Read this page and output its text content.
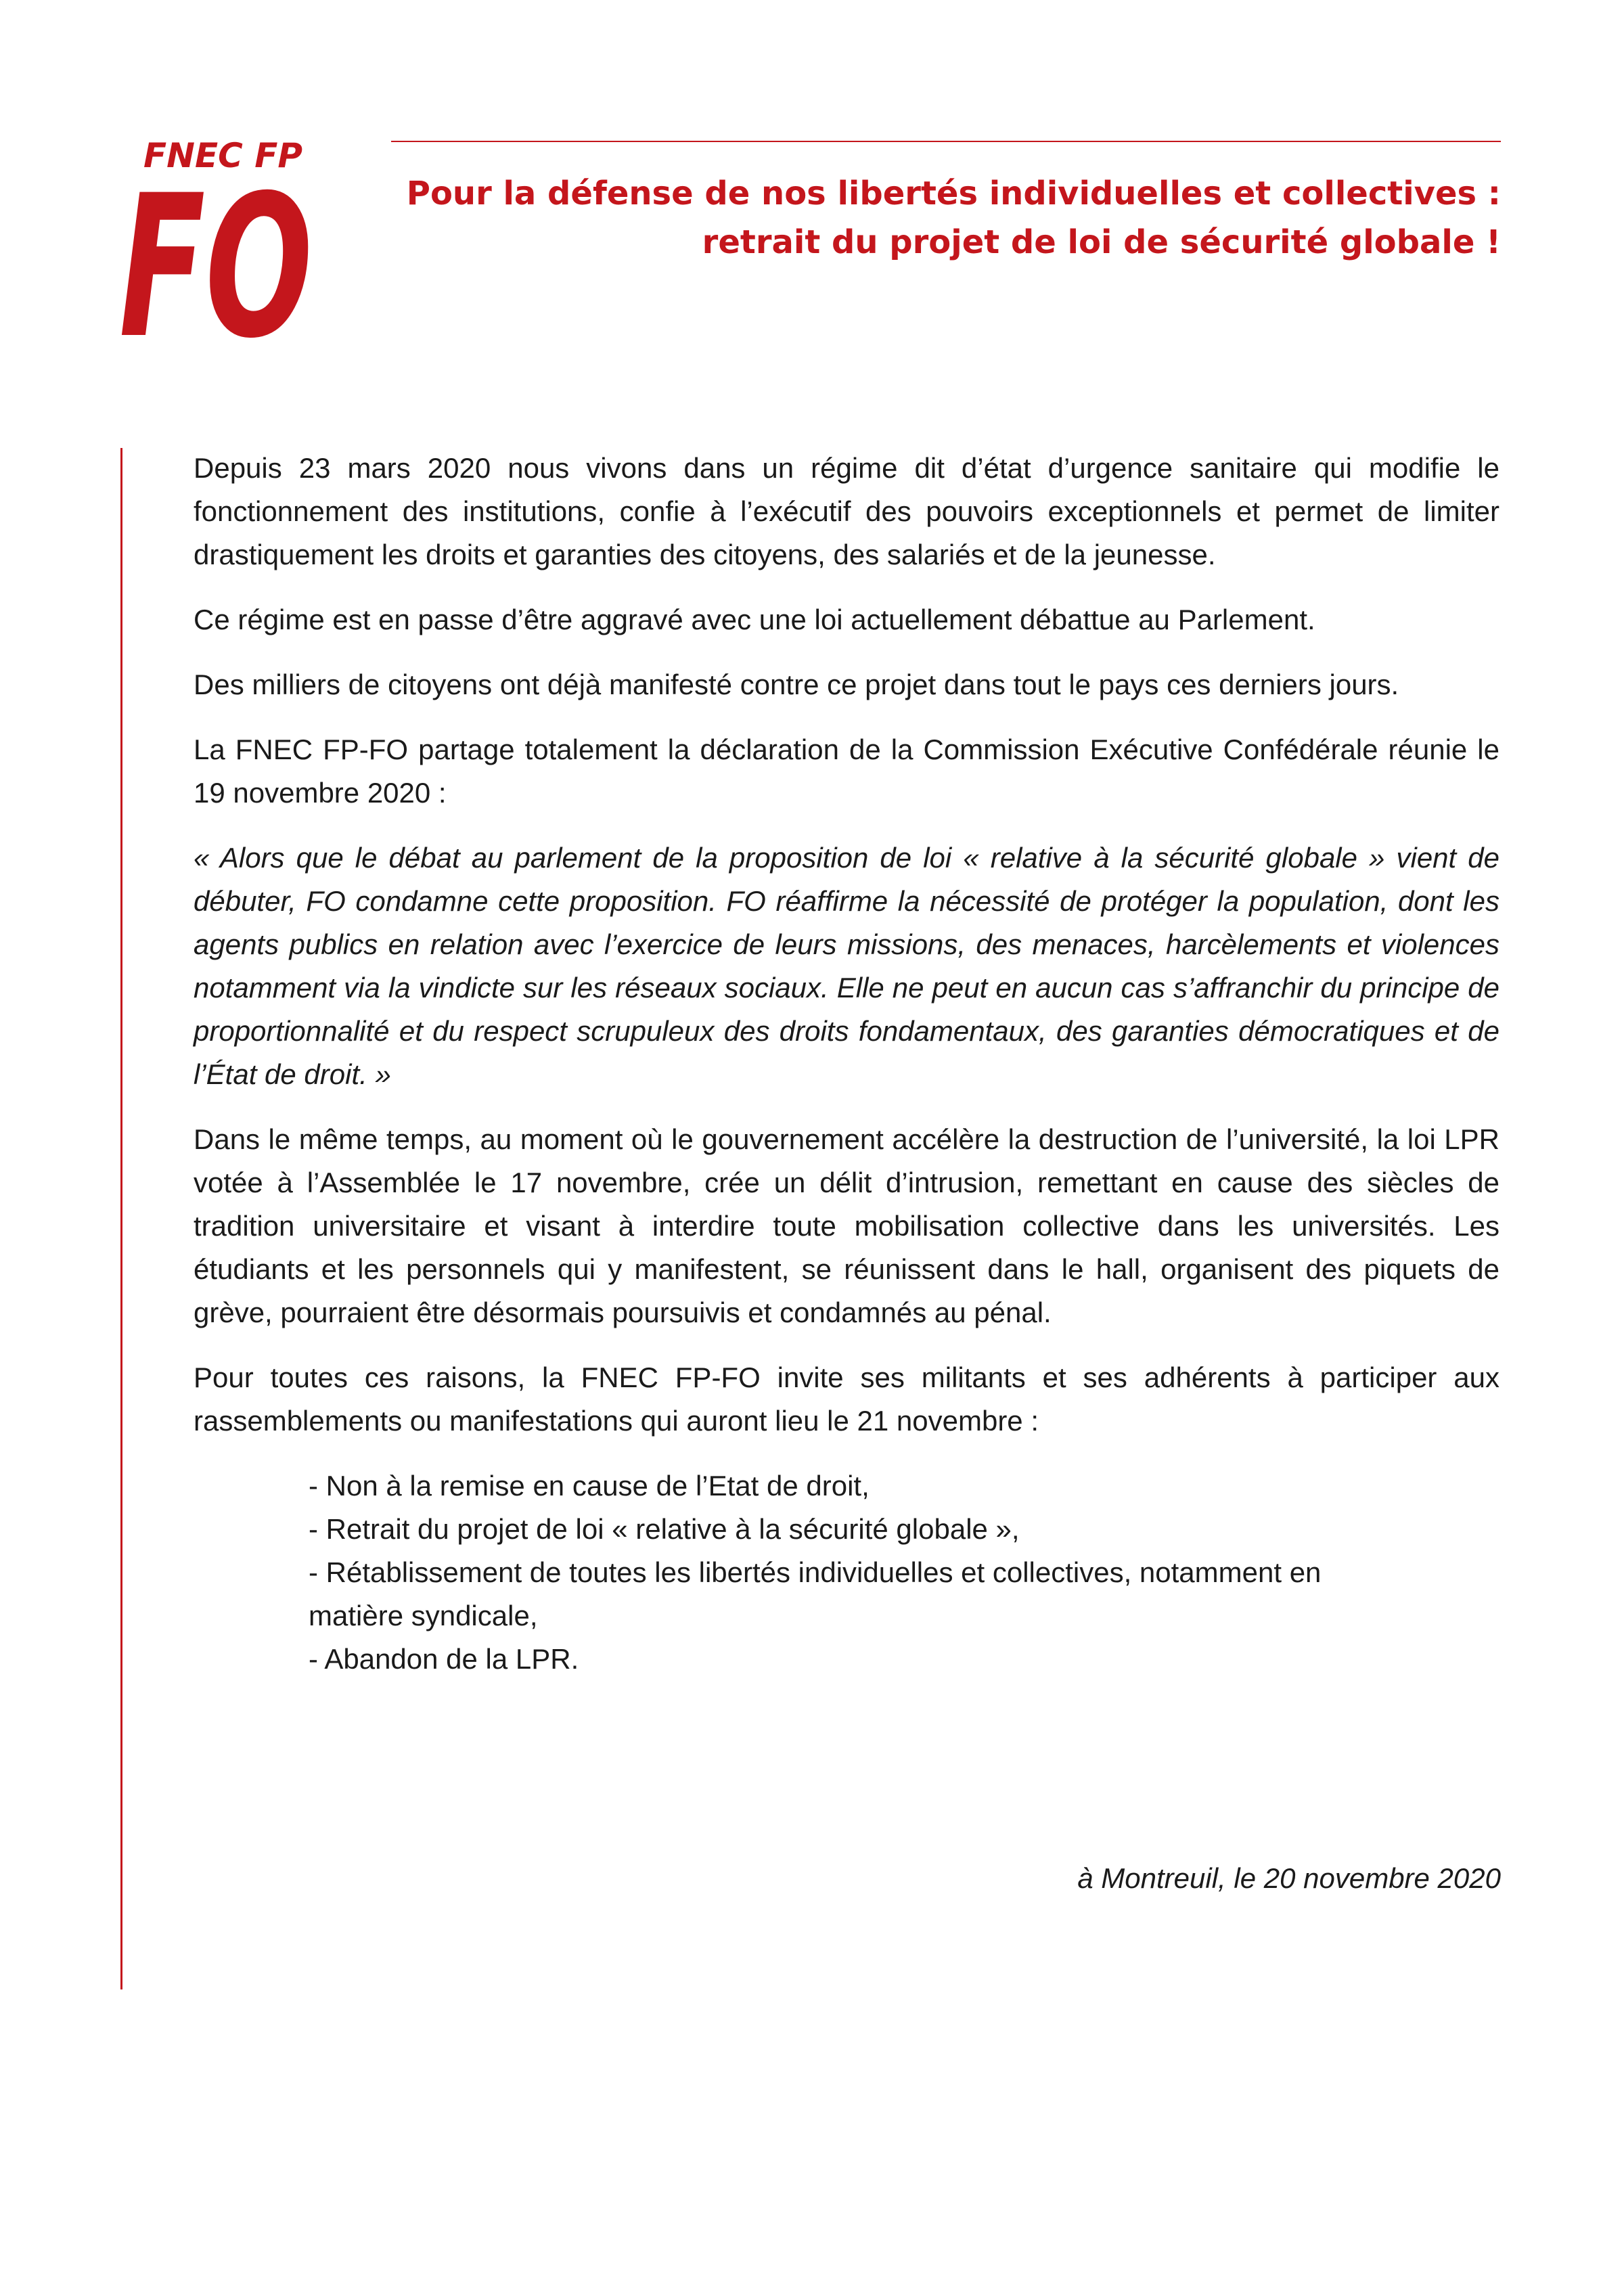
FNEC FP
FO	Pour la défense de nos libertés individuelles et collectives :
retrait du projet de loi de sécurité globale !

Depuis 23 mars 2020 nous vivons dans un régime dit d’état d’urgence sanitaire qui modifie le fonctionnement des institutions, confie à l’exécutif des pouvoirs exceptionnels et permet de limiter drastiquement les droits et garanties des citoyens, des salariés et de la jeunesse.

Ce régime est en passe d’être aggravé avec une loi actuellement débattue au Parlement.

Des milliers de citoyens ont déjà manifesté contre ce projet dans tout le pays ces derniers jours.

La FNEC FP-FO partage totalement la déclaration de la Commission Exécutive Confédérale réunie le 19 novembre 2020 :

« Alors que le débat au parlement de la proposition de loi « relative à la sécurité globale » vient de débuter, FO condamne cette proposition. FO réaffirme la nécessité de protéger la population, dont les agents publics en relation avec l’exercice de leurs missions, des menaces, harcèlements et violences notamment via la vindicte sur les réseaux sociaux. Elle ne peut en aucun cas s’affranchir du principe de proportionnalité et du respect scrupuleux des droits fondamentaux, des garanties démocratiques et de l’État de droit. »

Dans le même temps, au moment où le gouvernement accélère la destruction de l’université, la loi LPR votée à l’Assemblée le 17 novembre, crée un délit d’intrusion, remettant en cause des siècles de tradition universitaire et visant à interdire toute mobilisation collective dans les universités. Les étudiants et les personnels qui y manifestent, se réunissent dans le hall, organisent des piquets de grève, pourraient être désormais poursuivis et condamnés au pénal.

Pour toutes ces raisons, la FNEC FP-FO invite ses militants et ses adhérents à participer aux rassemblements ou manifestations qui auront lieu le 21 novembre :

- Non à la remise en cause de l’Etat de droit,
- Retrait du projet de loi « relative à la sécurité globale »,
- Rétablissement de toutes les libertés individuelles et collectives, notamment en matière syndicale,
- Abandon de la LPR.
à Montreuil, le 20 novembre 2020
